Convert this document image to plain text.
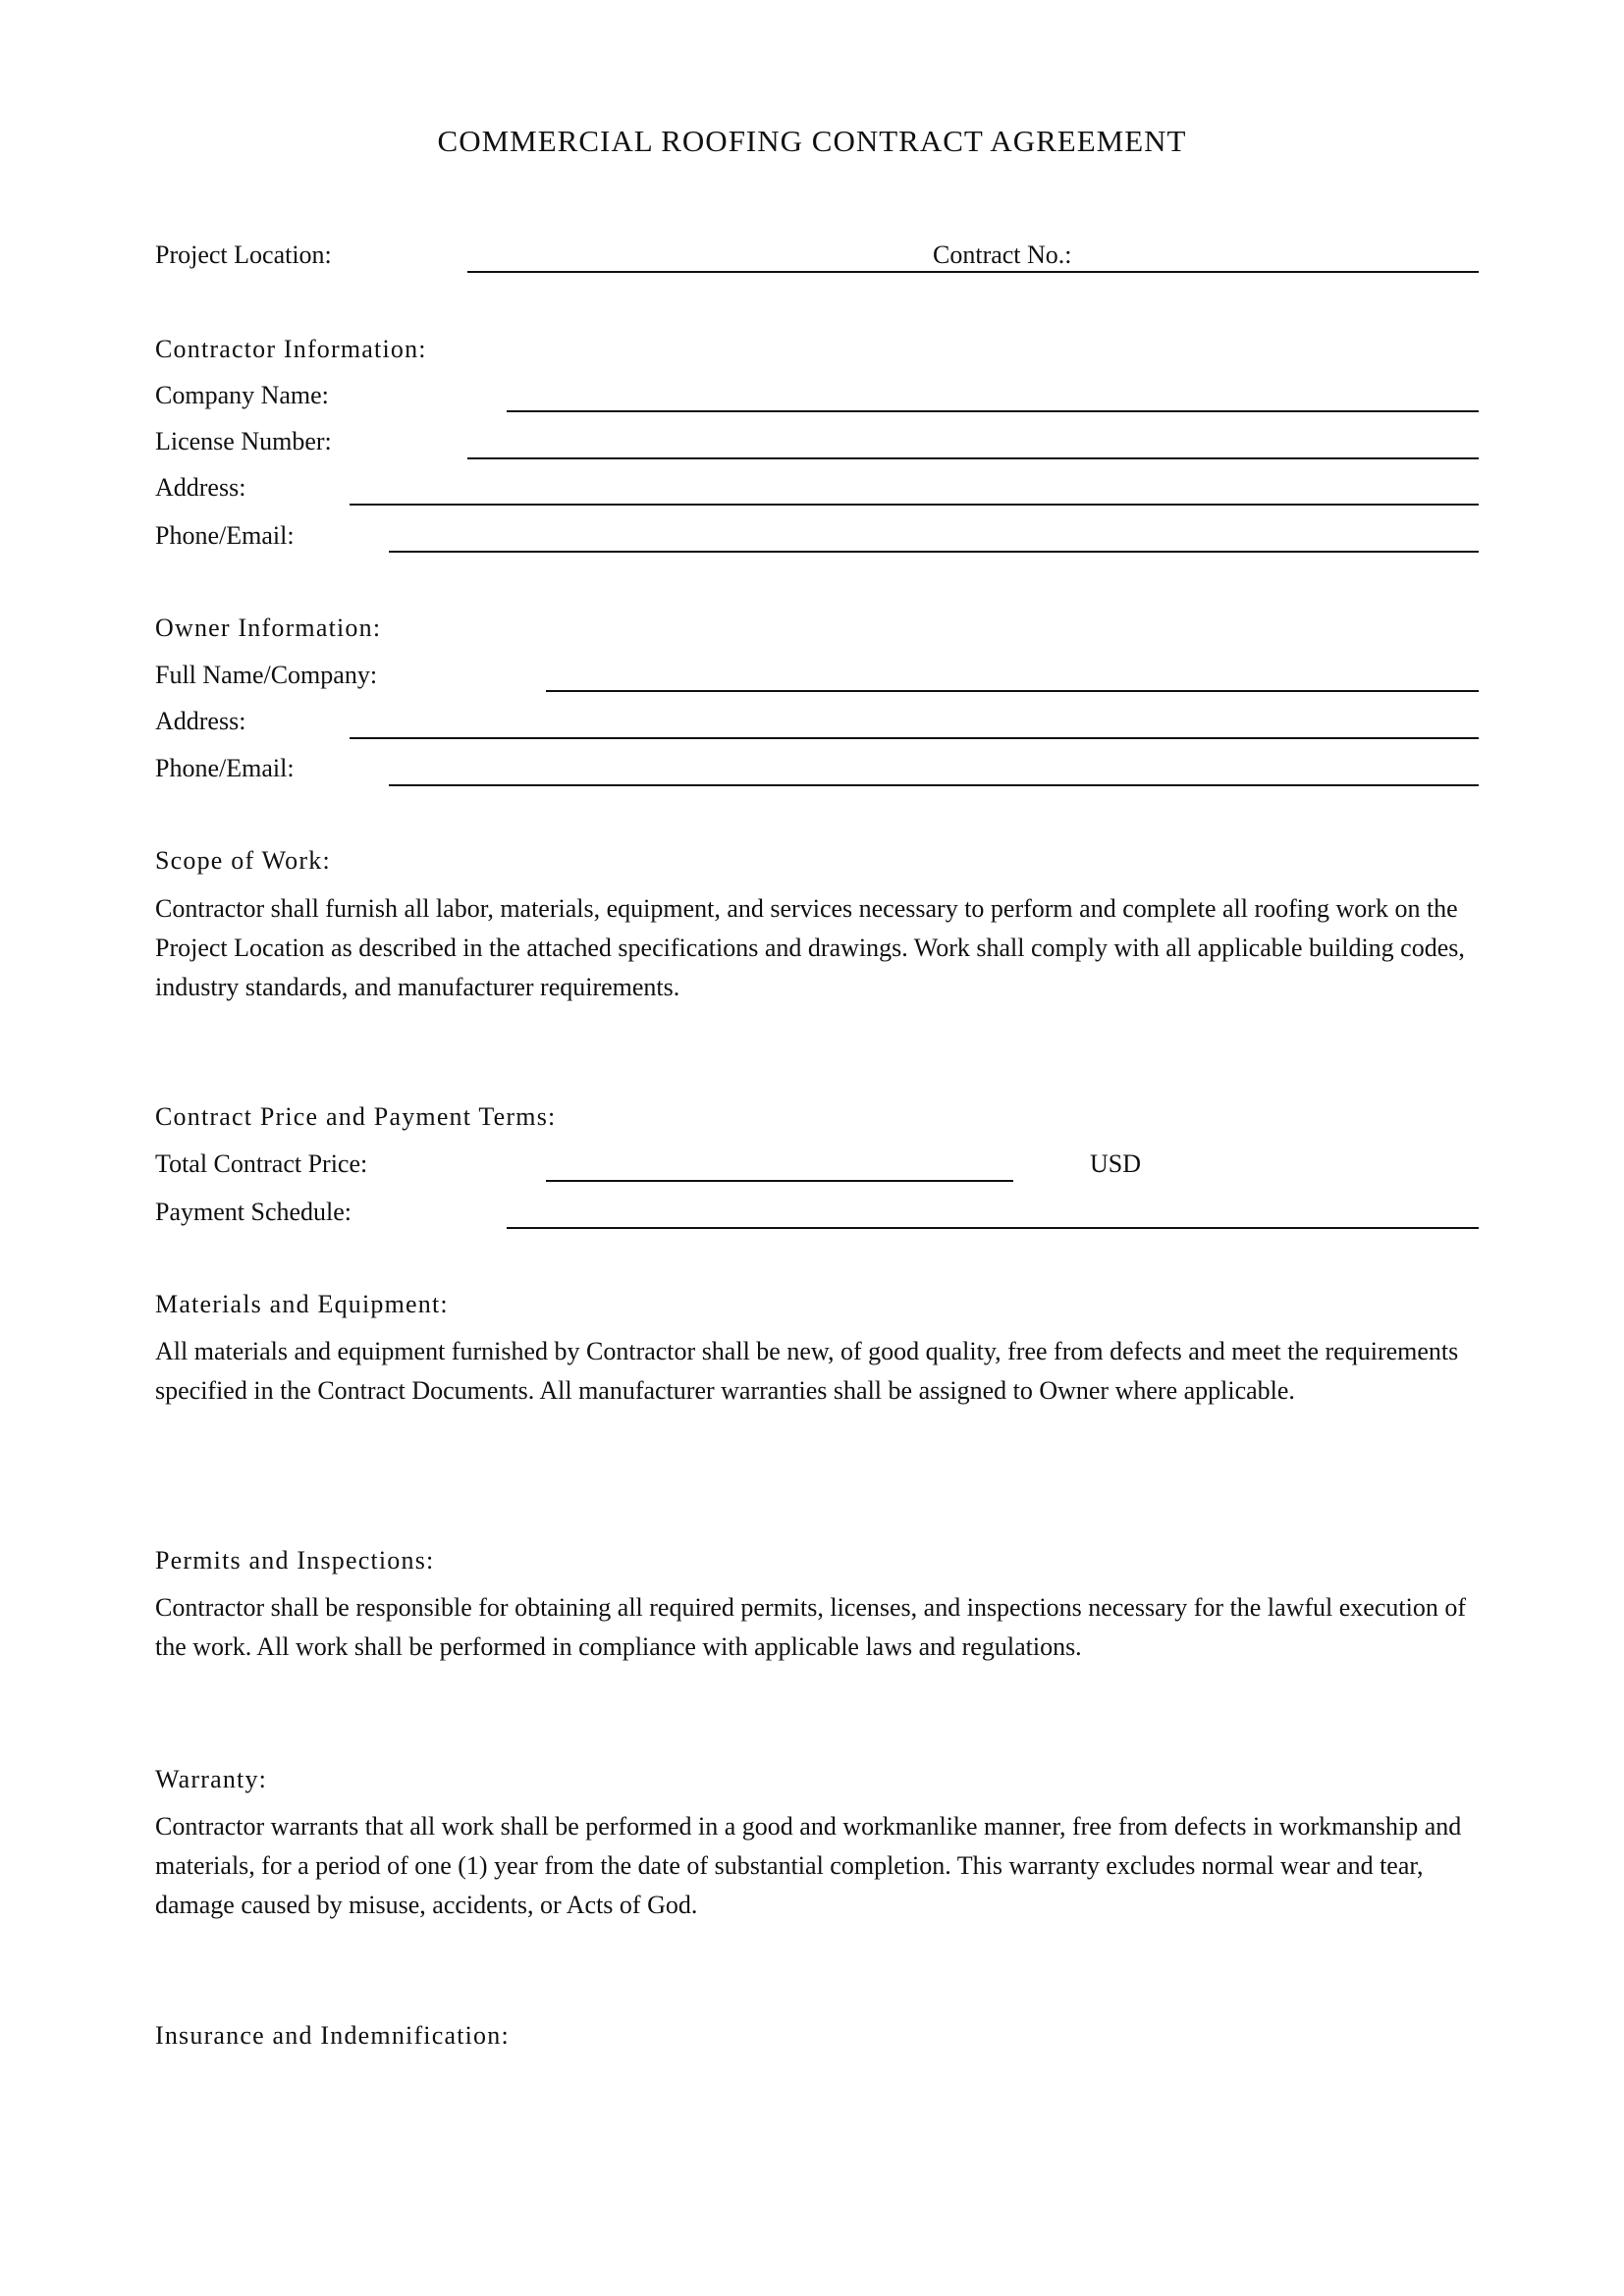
COMMERCIAL ROOFING CONTRACT AGREEMENT
Project Location:	Contract No.:
Contractor Information:
Company Name:
License Number:
Address:
Phone/Email:
Owner Information:
Full Name/Company:
Address:
Phone/Email:
Scope of Work:
Contractor shall furnish all labor, materials, equipment, and services necessary to perform and complete all roofing work on the Project Location as described in the attached specifications and drawings. Work shall comply with all applicable building codes, industry standards, and manufacturer requirements.
Contract Price and Payment Terms:
Total Contract Price:	USD
Payment Schedule:
Materials and Equipment:
All materials and equipment furnished by Contractor shall be new, of good quality, free from defects and meet the requirements specified in the Contract Documents. All manufacturer warranties shall be assigned to Owner where applicable.
Permits and Inspections:
Contractor shall be responsible for obtaining all required permits, licenses, and inspections necessary for the lawful execution of the work. All work shall be performed in compliance with applicable laws and regulations.
Warranty:
Contractor warrants that all work shall be performed in a good and workmanlike manner, free from defects in workmanship and materials, for a period of one (1) year from the date of substantial completion. This warranty excludes normal wear and tear, damage caused by misuse, accidents, or Acts of God.
Insurance and Indemnification:
